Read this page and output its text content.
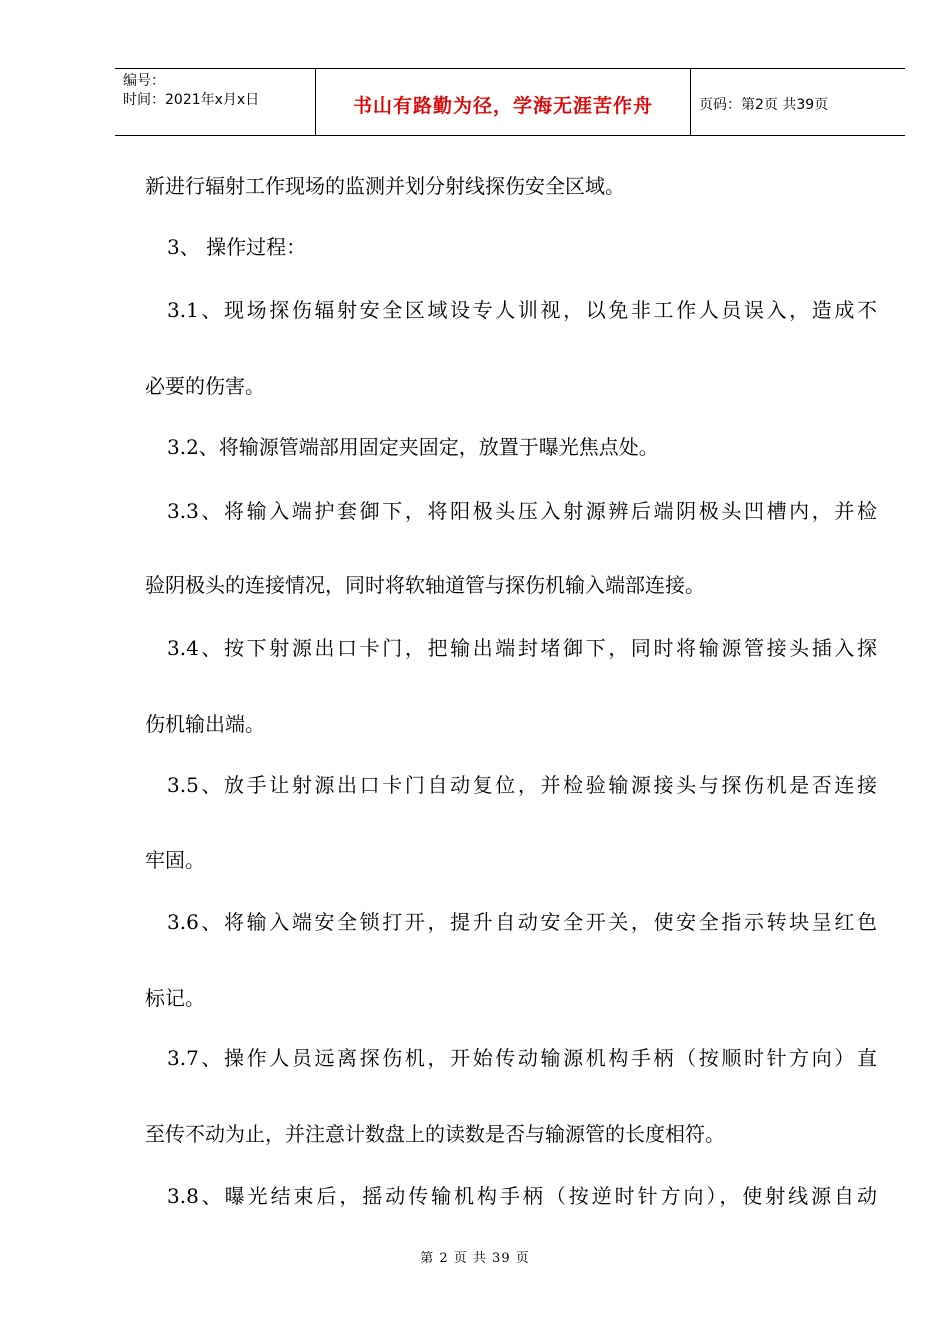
编号：
时间：2021年x月x日	书山有路勤为径，学海无涯苦作舟	页码：第2页 共39页
新进行辐射工作现场的监测并划分射线探伤安全区域。
3、 操作过程：
3.1、现场探伤辐射安全区域设专人训视，以免非工作人员误入，造成不
必要的伤害。
3.2、将输源管端部用固定夹固定，放置于曝光焦点处。
3.3、将输入端护套御下，将阳极头压入射源辨后端阴极头凹槽内，并检
验阴极头的连接情况，同时将软轴道管与探伤机输入端部连接。
3.4、按下射源出口卡门，把输出端封堵御下，同时将输源管接头插入探
伤机输出端。
3.5、放手让射源出口卡门自动复位，并检验输源接头与探伤机是否连接
牢固。
3.6、将输入端安全锁打开，提升自动安全开关，使安全指示转块呈红色
标记。
3.7、操作人员远离探伤机，开始传动输源机构手柄（按顺时针方向）直
至传不动为止，并注意计数盘上的读数是否与输源管的长度相符。
3.8、曝光结束后，摇动传输机构手柄（按逆时针方向），使射线源自动
第 2 页 共 39 页
